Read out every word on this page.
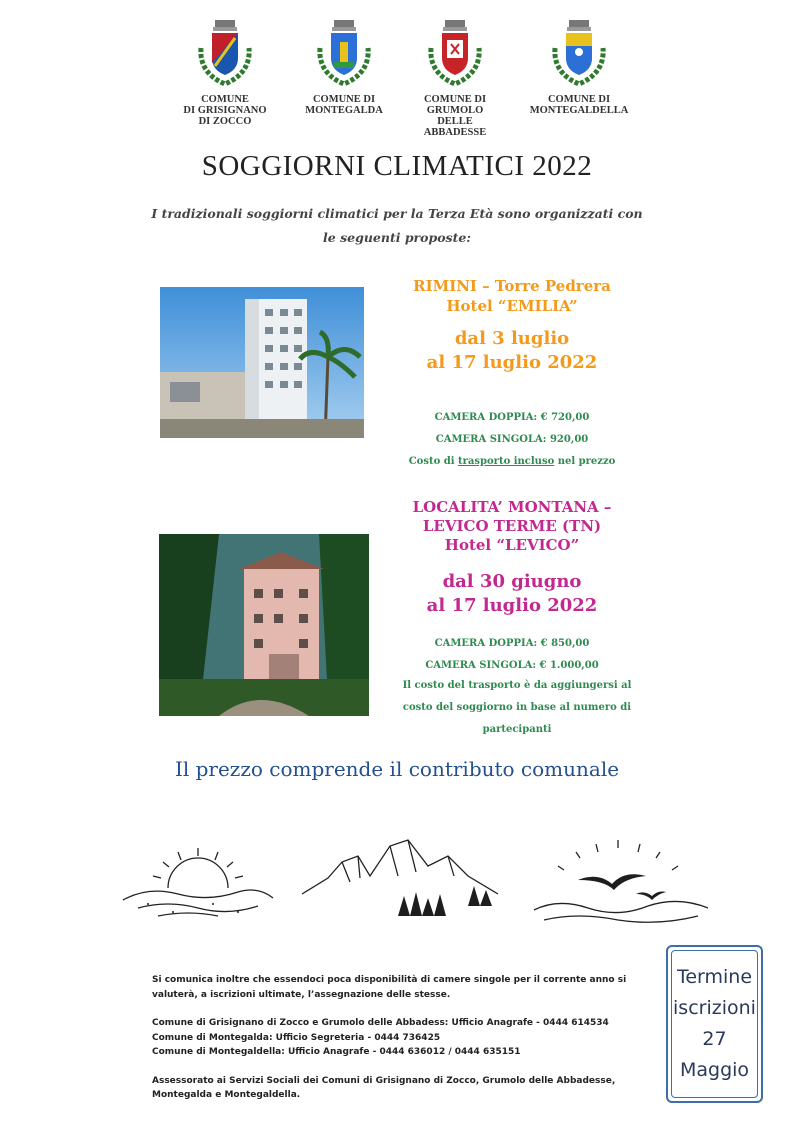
COMUNE
DI GRISIGNANO
DI ZOCCO
COMUNE DI
MONTEGALDA
COMUNE DI
GRUMOLO
DELLE
ABBADESSE
COMUNE DI
MONTEGALDELLA
SOGGIORNI CLIMATICI 2022
I tradizionali soggiorni climatici per la Terza Età sono organizzati con le seguenti proposte:
RIMINI – Torre Pedrera
Hotel “EMILIA”
dal 3 luglio
al 17 luglio 2022
CAMERA DOPPIA: € 720,00
CAMERA SINGOLA: 920,00
Costo di trasporto incluso nel prezzo
LOCALITA’ MONTANA –
LEVICO TERME (TN)
Hotel “LEVICO”
dal 30 giugno
al 17 luglio 2022
CAMERA DOPPIA: € 850,00
CAMERA SINGOLA: € 1.000,00
Il costo del trasporto è da aggiungersi al costo del soggiorno in base al numero di partecipanti
Il prezzo comprende il contributo comunale

Si comunica inoltre che essendoci poca disponibilità di camere singole per il corrente anno si valuterà, a iscrizioni ultimate, l’assegnazione delle stesse.

Comune di Grisignano di Zocco e Grumolo delle Abbadess: Ufficio Anagrafe - 0444 614534
Comune di Montegalda: Ufficio Segreteria - 0444 736425
Comune di Montegaldella: Ufficio Anagrafe - 0444 636012 / 0444 635151

Assessorato ai Servizi Sociali dei Comuni di Grisignano di Zocco, Grumolo delle Abbadesse, Montegalda e Montegaldella.

Termine
iscrizioni
27
Maggio
